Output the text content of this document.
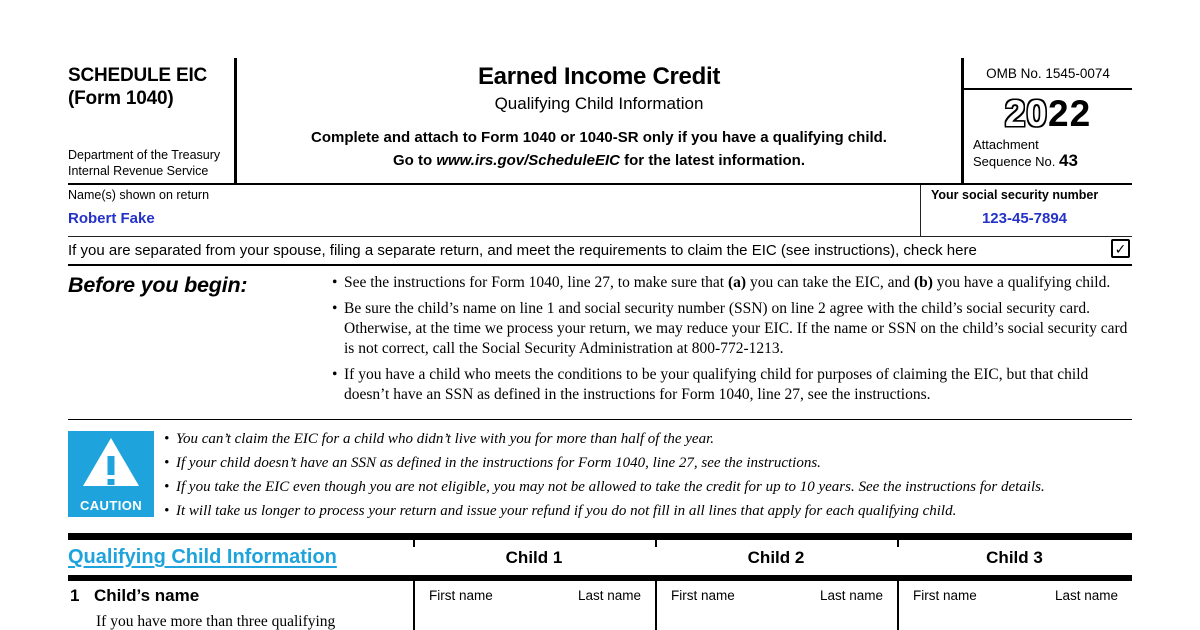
SCHEDULE EIC
(Form 1040)
Department of the Treasury
Internal Revenue Service
Earned Income Credit
Qualifying Child Information
Complete and attach to Form 1040 or 1040-SR only if you have a qualifying child.
Go to www.irs.gov/ScheduleEIC for the latest information.
OMB No. 1545-0074
2022
Attachment
Sequence No. 43
Name(s) shown on return
Robert Fake
Your social security number
123-45-7894
If you are separated from your spouse, filing a separate return, and meet the requirements to claim the EIC (see instructions), check here	✓
Before you begin:	• See the instructions for Form 1040, line 27, to make sure that (a) you can take the EIC, and (b) you have a qualifying child.
• Be sure the child’s name on line 1 and social security number (SSN) on line 2 agree with the child’s social security card. Otherwise, at the time we process your return, we may reduce your EIC. If the name or SSN on the child’s social security card is not correct, call the Social Security Administration at 800-772-1213.
• If you have a child who meets the conditions to be your qualifying child for purposes of claiming the EIC, but that child doesn’t have an SSN as defined in the instructions for Form 1040, line 27, see the instructions.
CAUTION
• You can’t claim the EIC for a child who didn’t live with you for more than half of the year.
• If your child doesn’t have an SSN as defined in the instructions for Form 1040, line 27, see the instructions.
• If you take the EIC even though you are not eligible, you may not be allowed to take the credit for up to 10 years. See the instructions for details.
• It will take us longer to process your return and issue your refund if you do not fill in all lines that apply for each qualifying child.
Qualifying Child Information	Child 1	Child 2	Child 3
1 Child’s name
If you have more than three qualifying
First name	Last name First name	Last name First name	Last name
